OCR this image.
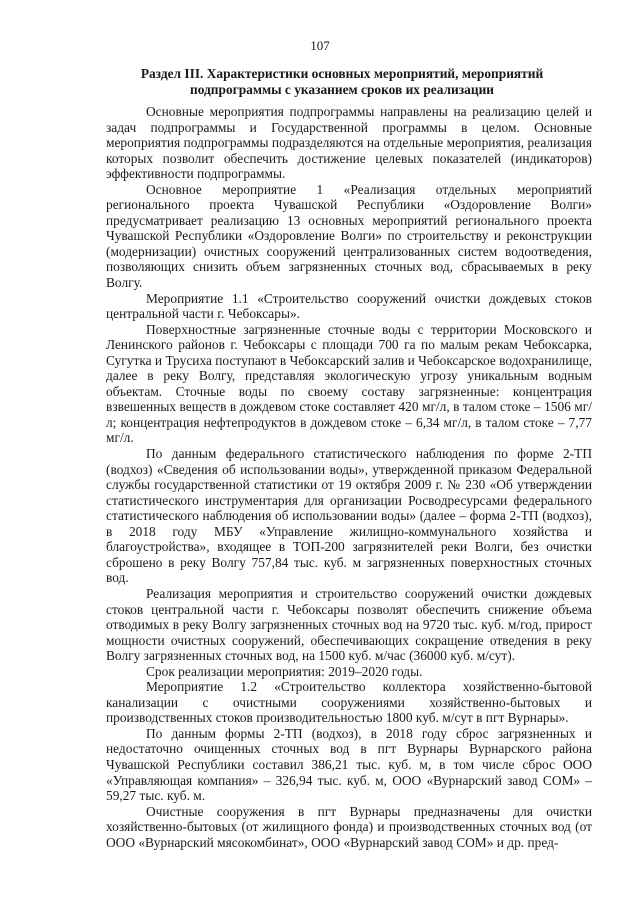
107
Раздел III. Характеристики основных мероприятий, мероприятий
подпрограммы с указанием сроков их реализации

Основные мероприятия подпрограммы направлены на реализацию целей и задач подпрограммы и Государственной программы в целом. Основные мероприятия подпрограммы подразделяются на отдельные мероприятия, реализация которых позволит обеспечить достижение целевых показателей (индикаторов) эффективности подпрограммы.

Основное мероприятие 1 «Реализация отдельных мероприятий регионального проекта Чувашской Республики «Оздоровление Волги» предусматривает реализацию 13 основных мероприятий регионального проекта Чувашской Республики «Оздоровление Волги» по строительству и реконструкции (модернизации) очистных сооружений централизованных систем водоотведения, позволяющих снизить объем загрязненных сточных вод, сбрасываемых в реку Волгу.

Мероприятие 1.1 «Строительство сооружений очистки дождевых стоков центральной части г. Чебоксары».

Поверхностные загрязненные сточные воды с территории Московского и Ленинского районов г. Чебоксары с площади 700 га по малым рекам Чебоксарка, Сугутка и Трусиха поступают в Чебоксарский залив и Чебоксарское водохранилище, далее в реку Волгу, представляя экологическую угрозу уникальным водным объектам. Сточные воды по своему составу загрязненные: концентрация взвешенных веществ в дождевом стоке составляет 420 мг/л, в талом стоке – 1506 мг/л; концентрация нефтепродуктов в дождевом стоке – 6,34 мг/л, в талом стоке – 7,77 мг/л.

По данным федерального статистического наблюдения по форме 2-ТП (водхоз) «Сведения об использовании воды», утвержденной приказом Федеральной службы государственной статистики от 19 октября 2009 г. № 230 «Об утверждении статистического инструментария для организации Росводресурсами федерального статистического наблюдения об использовании воды» (далее – форма 2-ТП (водхоз), в 2018 году МБУ «Управление жилищно-коммунального хозяйства и благоустройства», входящее в ТОП-200 загрязнителей реки Волги, без очистки сброшено в реку Волгу 757,84 тыс. куб. м загрязненных поверхностных сточных вод.

Реализация мероприятия и строительство сооружений очистки дождевых стоков центральной части г. Чебоксары позволят обеспечить снижение объема отводимых в реку Волгу загрязненных сточных вод на 9720 тыс. куб. м/год, прирост мощности очистных сооружений, обеспечивающих сокращение отведения в реку Волгу загрязненных сточных вод, на 1500 куб. м/час (36000 куб. м/сут).

Срок реализации мероприятия: 2019–2020 годы.

Мероприятие 1.2 «Строительство коллектора хозяйственно-бытовой канализации с очистными сооружениями хозяйственно-бытовых и производственных стоков производительностью 1800 куб. м/сут в пгт Вурнары».

По данным формы 2-ТП (водхоз), в 2018 году сброс загрязненных и недостаточно очищенных сточных вод в пгт Вурнары Вурнарского района Чувашской Республики составил 386,21 тыс. куб. м, в том числе сброс ООО «Управляющая компания» – 326,94 тыс. куб. м, ООО «Вурнарский завод СОМ» – 59,27 тыс. куб. м.

Очистные сооружения в пгт Вурнары предназначены для очистки хозяйственно-бытовых (от жилищного фонда) и производственных сточных вод (от ООО «Вурнарский мясокомбинат», ООО «Вурнарский завод СОМ» и др. пред-
